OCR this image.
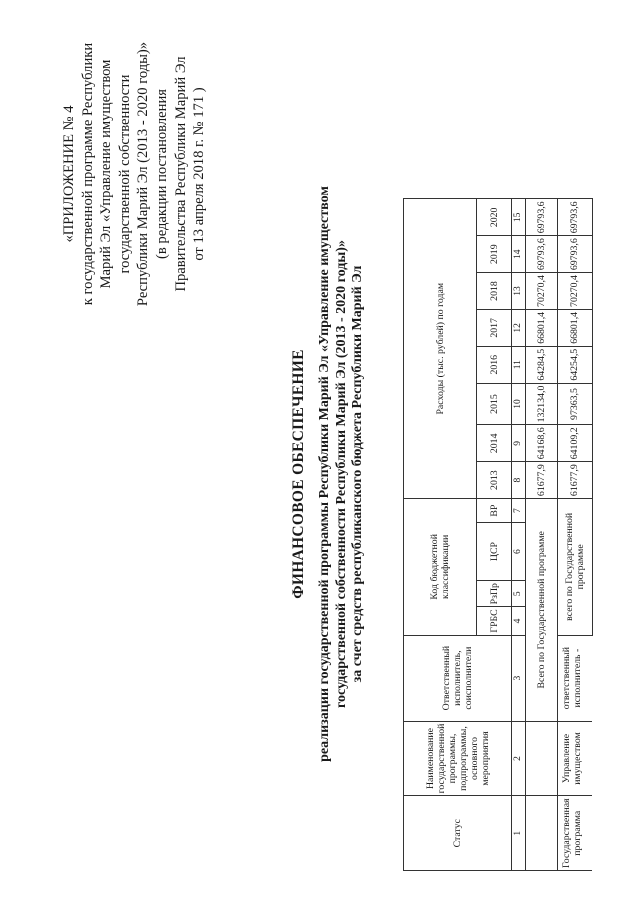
«ПРИЛОЖЕНИЕ № 4 к государственной программе Республики Марий Эл «Управление имуществом государственной собственности Республики Марий Эл (2013 - 2020 годы)» (в редакции постановления Правительства Республики Марий Эл от 13 апреля 2018 г. № 171 )
ФИНАНСОВОЕ ОБЕСПЕЧЕНИЕ реализации государственной программы Республики Марий Эл «Управление имуществом государственной собственности Республики Марий Эл (2013 - 2020 годы)» за счет средств республиканского бюджета Республики Марий Эл
Статус	Наименование государственной программы, подпрограммы, основного мероприятия	Ответственный исполнитель, соисполнители	Код бюджетной классификации				Расходы (тыс. рублей) по годам							
			ГРБС	РзПр	ЦСР	ВР	2013	2014	2015	2016	2017	2018	2019	2020
1	2	3	4	5	6	7	8	9	10	11	12	13	14	15
		Всего по Государственной программе					61677,9	64168,6	132134,0	64284,5	66801,4	70270,4	69793,6	69793,6
Государственная программа	Управление имуществом	ответственный исполнитель -	всего по Государственной программе				61677,9	64109,2	97363,5	64254,5	66801,4	70270,4	69793,6	69793,6
